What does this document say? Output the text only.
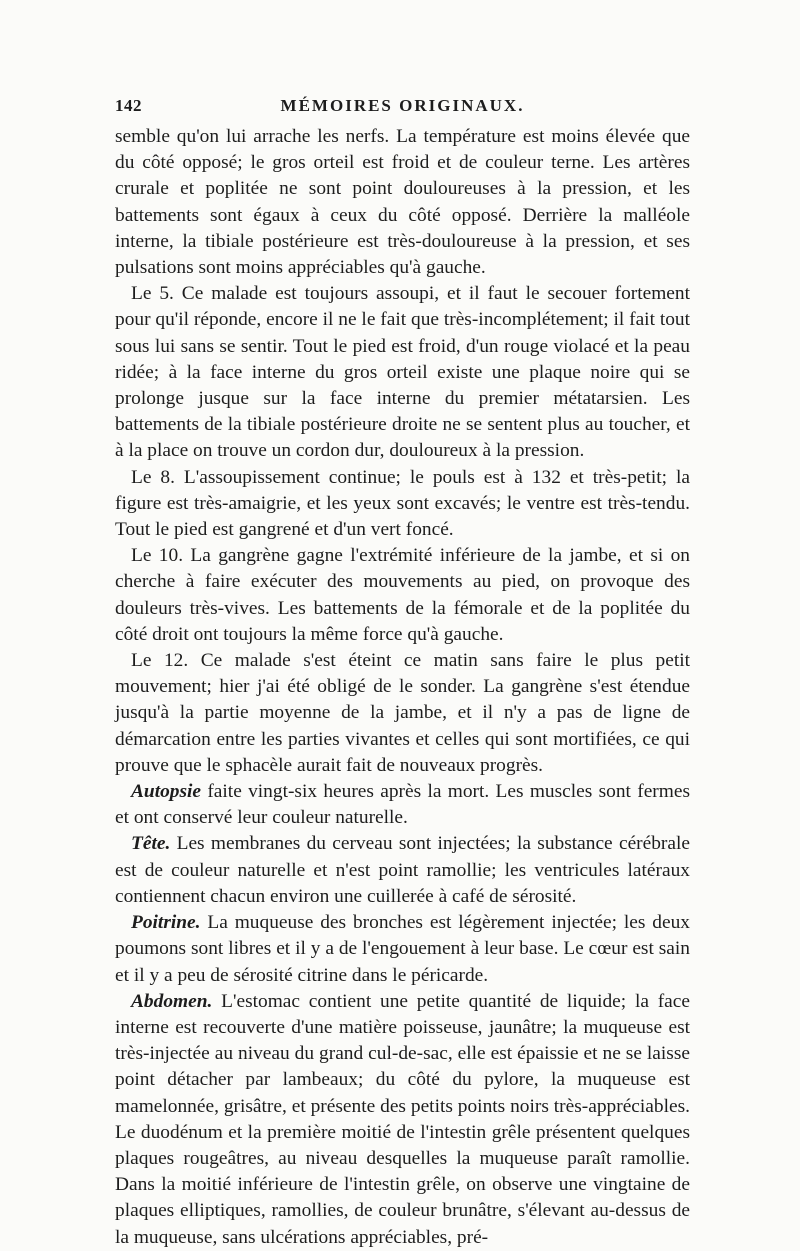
142	MÉMOIRES ORIGINAUX.

semble qu'on lui arrache les nerfs. La température est moins élevée que du côté opposé; le gros orteil est froid et de couleur terne. Les artères crurale et poplitée ne sont point douloureuses à la pression, et les battements sont égaux à ceux du côté opposé. Derrière la malléole interne, la tibiale postérieure est très-douloureuse à la pression, et ses pulsations sont moins appréciables qu'à gauche.

Le 5. Ce malade est toujours assoupi, et il faut le secouer fortement pour qu'il réponde, encore il ne le fait que très-incomplétement; il fait tout sous lui sans se sentir. Tout le pied est froid, d'un rouge violacé et la peau ridée; à la face interne du gros orteil existe une plaque noire qui se prolonge jusque sur la face interne du premier métatarsien. Les battements de la tibiale postérieure droite ne se sentent plus au toucher, et à la place on trouve un cordon dur, douloureux à la pression.

Le 8. L'assoupissement continue; le pouls est à 132 et très-petit; la figure est très-amaigrie, et les yeux sont excavés; le ventre est très-tendu. Tout le pied est gangrené et d'un vert foncé.

Le 10. La gangrène gagne l'extrémité inférieure de la jambe, et si on cherche à faire exécuter des mouvements au pied, on provoque des douleurs très-vives. Les battements de la fémorale et de la poplitée du côté droit ont toujours la même force qu'à gauche.

Le 12. Ce malade s'est éteint ce matin sans faire le plus petit mouvement; hier j'ai été obligé de le sonder. La gangrène s'est étendue jusqu'à la partie moyenne de la jambe, et il n'y a pas de ligne de démarcation entre les parties vivantes et celles qui sont mortifiées, ce qui prouve que le sphacèle aurait fait de nouveaux progrès.

Autopsie faite vingt-six heures après la mort. Les muscles sont fermes et ont conservé leur couleur naturelle.

Tête. Les membranes du cerveau sont injectées; la substance cérébrale est de couleur naturelle et n'est point ramollie; les ventricules latéraux contiennent chacun environ une cuillerée à café de sérosité.

Poitrine. La muqueuse des bronches est légèrement injectée; les deux poumons sont libres et il y a de l'engouement à leur base. Le cœur est sain et il y a peu de sérosité citrine dans le péricarde.

Abdomen. L'estomac contient une petite quantité de liquide; la face interne est recouverte d'une matière poisseuse, jaunâtre; la muqueuse est très-injectée au niveau du grand cul-de-sac, elle est épaissie et ne se laisse point détacher par lambeaux; du côté du pylore, la muqueuse est mamelonnée, grisâtre, et présente des petits points noirs très-appréciables. Le duodénum et la première moitié de l'intestin grêle présentent quelques plaques rougeâtres, au niveau desquelles la muqueuse paraît ramollie. Dans la moitié inférieure de l'intestin grêle, on observe une vingtaine de plaques elliptiques, ramollies, de couleur brunâtre, s'élevant au-dessus de la muqueuse, sans ulcérations appréciables, pré-
